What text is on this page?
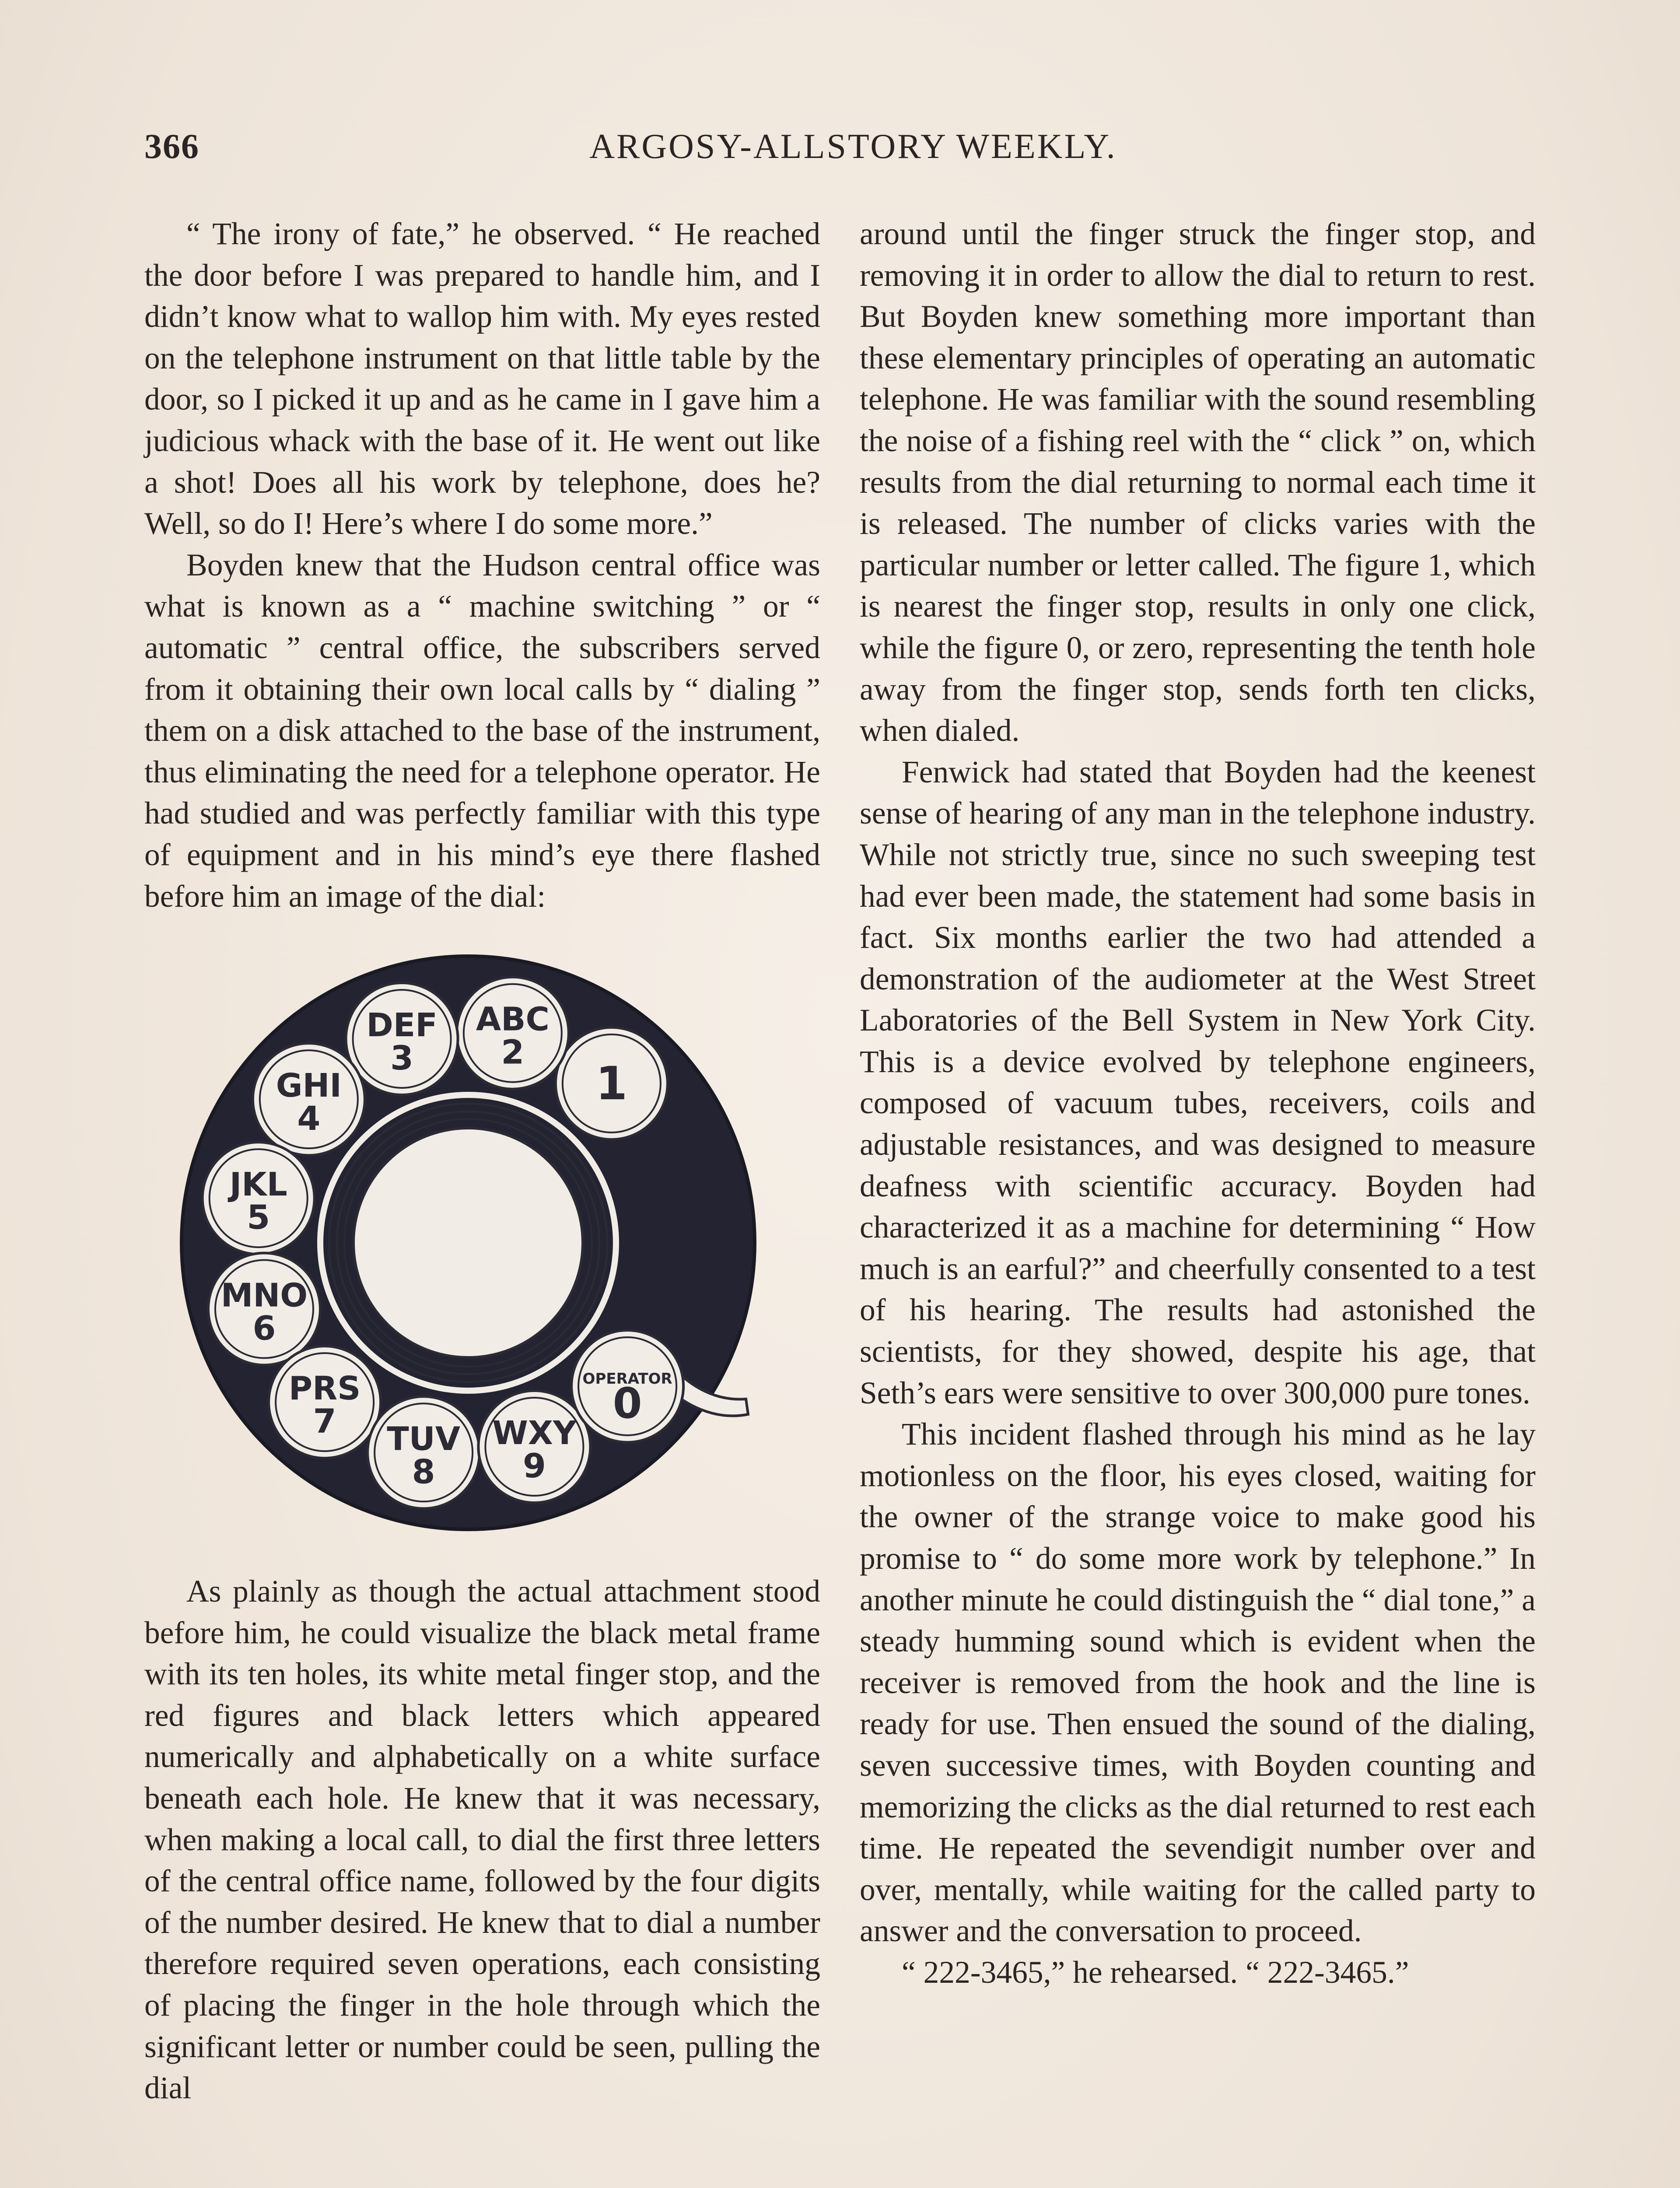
366	ARGOSY-ALLSTORY WEEKLY.

“ The irony of fate,” he observed. “ He reached the door before I was prepared to handle him, and I didn’t know what to wallop him with. My eyes rested on the telephone instrument on that little table by the door, so I picked it up and as he came in I gave him a judicious whack with the base of it. He went out like a shot! Does all his work by telephone, does he? Well, so do I! Here’s where I do some more.”

Boyden knew that the Hudson central office was what is known as a “ machine switching ” or “ automatic ” central office, the subscribers served from it obtaining their own local calls by “ dialing ” them on a disk attached to the base of the instrument, thus eliminating the need for a telephone operator. He had studied and was perfectly familiar with this type of equipment and in his mind’s eye there flashed before him an image of the dial:

1
ABC
2
DEF
3
GHI
4
JKL
5
MNO
6
PRS
7 TUV
8
WXY
9
OPERATOR
0

As plainly as though the actual attachment stood before him, he could visualize the black metal frame with its ten holes, its white metal finger stop, and the red figures and black letters which appeared numerically and alphabetically on a white surface beneath each hole. He knew that it was necessary, when making a local call, to dial the first three letters of the central office name, followed by the four digits of the number desired. He knew that to dial a number therefore required seven operations, each consisting of placing the finger in the hole through which the significant letter or number could be seen, pulling the dial

around until the finger struck the finger stop, and removing it in order to allow the dial to return to rest. But Boyden knew something more important than these elementary principles of operating an automatic telephone. He was familiar with the sound resembling the noise of a fishing reel with the “ click ” on, which results from the dial returning to normal each time it is released. The number of clicks varies with the particular number or letter called. The figure 1, which is nearest the finger stop, results in only one click, while the figure 0, or zero, representing the tenth hole away from the finger stop, sends forth ten clicks, when dialed.

Fenwick had stated that Boyden had the keenest sense of hearing of any man in the telephone industry. While not strictly true, since no such sweeping test had ever been made, the statement had some basis in fact. Six months earlier the two had attended a demonstration of the audiometer at the West Street Laboratories of the Bell System in New York City. This is a device evolved by telephone engineers, composed of vacuum tubes, receivers, coils and adjustable resistances, and was designed to measure deafness with scientific accuracy. Boyden had characterized it as a machine for determining “ How much is an earful?” and cheerfully consented to a test of his hearing. The results had astonished the scientists, for they showed, despite his age, that Seth’s ears were sensitive to over 300,000 pure tones.

This incident flashed through his mind as he lay motionless on the floor, his eyes closed, waiting for the owner of the strange voice to make good his promise to “ do some more work by telephone.” In another minute he could distinguish the “ dial tone,” a steady humming sound which is evident when the receiver is removed from the hook and the line is ready for use. Then ensued the sound of the dialing, seven successive times, with Boyden counting and memorizing the clicks as the dial returned to rest each time. He repeated the sevendigit number over and over, mentally, while waiting for the called party to answer and the conversation to proceed.

“ 222-3465,” he rehearsed. “ 222-3465.”
